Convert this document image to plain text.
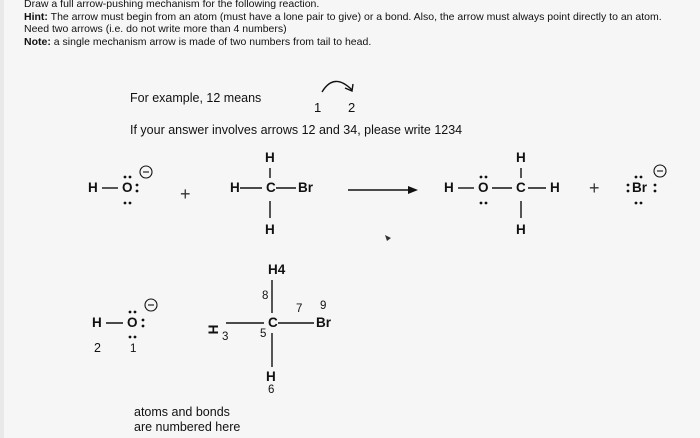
Draw a full arrow-pushing mechanism for the following reaction.
Hint: The arrow must begin from an atom (must have a lone pair to give) or a bond. Also, the arrow must always point directly to an atom.
Need two arrows (i.e. do not write more than 4 numbers)
Note: a single mechanism arrow is made of two numbers from tail to head.
For example, 12 means
1 2
If your answer involves arrows 12 and 34, please write 1234
H O	+
H
H C Br
H
H
H O C H
H
+ Br
H4
8
7 9
H O
2	1
H
3
C
5
Br
H
6
atoms and bonds
are numbered here
